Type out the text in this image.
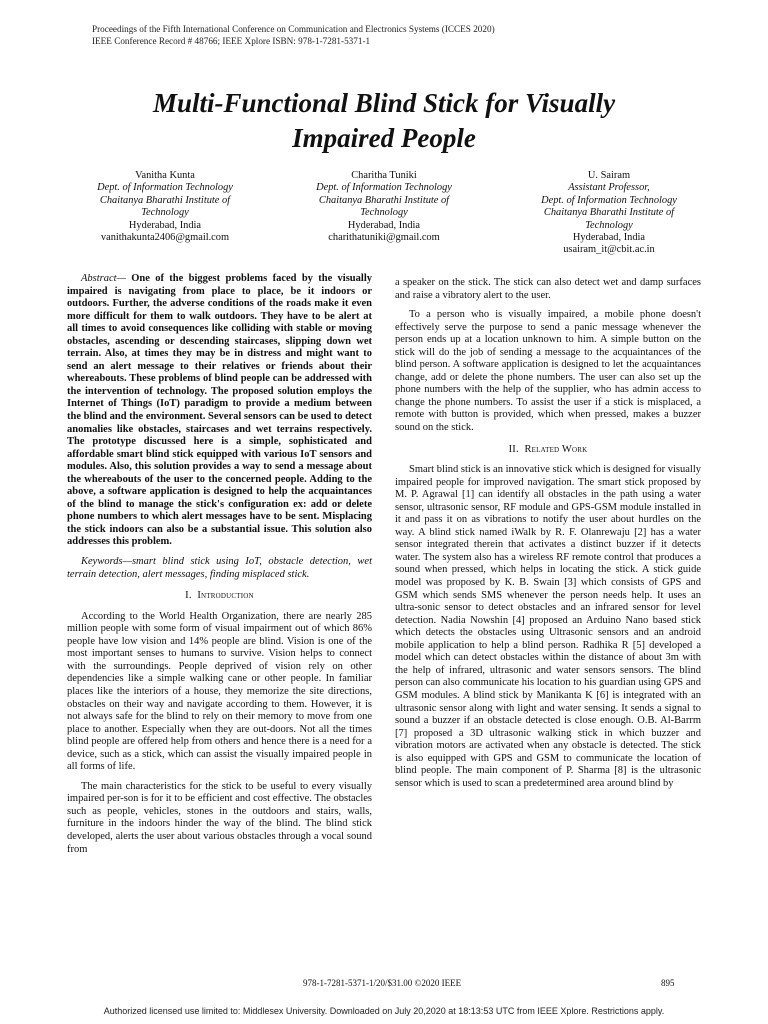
Proceedings of the Fifth International Conference on Communication and Electronics Systems (ICCES 2020)
IEEE Conference Record # 48766; IEEE Xplore ISBN: 978-1-7281-5371-1
Multi-Functional Blind Stick for Visually
Impaired People
Vanitha Kunta
Dept. of Information Technology
Chaitanya Bharathi Institute of
Technology
Hyderabad, India
vanithakunta2406@gmail.com
Charitha Tuniki
Dept. of Information Technology
Chaitanya Bharathi Institute of
Technology
Hyderabad, India
charithatuniki@gmail.com
U. Sairam
Assistant Professor,
Dept. of Information Technology
Chaitanya Bharathi Institute of
Technology
Hyderabad, India
usairam_it@cbit.ac.in

Abstract— One of the biggest problems faced by the visually impaired is navigating from place to place, be it indoors or outdoors. Further, the adverse conditions of the roads make it even more difficult for them to walk outdoors. They have to be alert at all times to avoid consequences like colliding with stable or moving obstacles, ascending or descending staircases, slipping down wet terrain. Also, at times they may be in distress and might want to send an alert message to their relatives or friends about their whereabouts. These problems of blind people can be addressed with the intervention of technology. The proposed solution employs the Internet of Things (IoT) paradigm to provide a medium between the blind and the environment. Several sensors can be used to detect anomalies like obstacles, staircases and wet terrains respectively. The prototype discussed here is a simple, sophisticated and affordable smart blind stick equipped with various IoT sensors and modules. Also, this solution provides a way to send a message about the whereabouts of the user to the concerned people. Adding to the above, a software application is designed to help the acquaintances of the blind to manage the stick's configuration ex: add or delete phone numbers to which alert messages have to be sent. Misplacing the stick indoors can also be a substantial issue. This solution also addresses this problem.

Keywords—smart blind stick using IoT, obstacle detection, wet terrain detection, alert messages, finding misplaced stick.

I. Introduction

According to the World Health Organization, there are nearly 285 million people with some form of visual impairment out of which 86% people have low vision and 14% people are blind. Vision is one of the most important senses to humans to survive. Vision helps to connect with the surroundings. People deprived of vision rely on other dependencies like a simple walking cane or other people. In familiar places like the interiors of a house, they memorize the site directions, obstacles on their way and navigate according to them. However, it is not always safe for the blind to rely on their memory to move from one place to another. Especially when they are out-doors. Not all the times blind people are offered help from others and hence there is a need for a device, such as a stick, which can assist the visually impaired people in all forms of life.

The main characteristics for the stick to be useful to every visually impaired per-son is for it to be efficient and cost effective. The obstacles such as people, vehicles, stones in the outdoors and stairs, walls, furniture in the indoors hinder the way of the blind. The blind stick developed, alerts the user about various obstacles through a vocal sound from

a speaker on the stick. The stick can also detect wet and damp surfaces and raise a vibratory alert to the user.

To a person who is visually impaired, a mobile phone doesn't effectively serve the purpose to send a panic message whenever the person ends up at a location unknown to him. A simple button on the stick will do the job of sending a message to the acquaintances of the blind person. A software application is designed to let the acquaintances change, add or delete the phone numbers. The user can also set up the phone numbers with the help of the supplier, who has admin access to change the phone numbers. To assist the user if a stick is misplaced, a remote with button is provided, which when pressed, makes a buzzer sound on the stick.

II. Related Work

Smart blind stick is an innovative stick which is designed for visually impaired people for improved navigation. The smart stick proposed by M. P. Agrawal [1] can identify all obstacles in the path using a water sensor, ultrasonic sensor, RF module and GPS-GSM module installed in it and pass it on as vibrations to notify the user about hurdles on the way. A blind stick named iWalk by R. F. Olanrewaju [2] has a water sensor integrated therein that activates a distinct buzzer if it detects water. The system also has a wireless RF remote control that produces a sound when pressed, which helps in locating the stick. A stick guide model was proposed by K. B. Swain [3] which consists of GPS and GSM which sends SMS whenever the person needs help. It uses an ultra-sonic sensor to detect obstacles and an infrared sensor for level detection. Nadia Nowshin [4] proposed an Arduino Nano based stick which detects the obstacles using Ultrasonic sensors and an android mobile application to help a blind person. Radhika R [5] developed a model which can detect obstacles within the distance of about 3m with the help of infrared, ultrasonic and water sensors sensors. The blind person can also communicate his location to his guardian using GPS and GSM modules. A blind stick by Manikanta K [6] is integrated with an ultrasonic sensor along with light and water sensing. It sends a signal to sound a buzzer if an obstacle detected is close enough. O.B. Al-Barrm [7] proposed a 3D ultrasonic walking stick in which buzzer and vibration motors are activated when any obstacle is detected. The stick is also equipped with GPS and GSM to communicate the location of blind people. The main component of P. Sharma [8] is the ultrasonic sensor which is used to scan a predetermined area around blind by

978-1-7281-5371-1/20/$31.00 ©2020 IEEE	895
Authorized licensed use limited to: Middlesex University. Downloaded on July 20,2020 at 18:13:53 UTC from IEEE Xplore. Restrictions apply.
